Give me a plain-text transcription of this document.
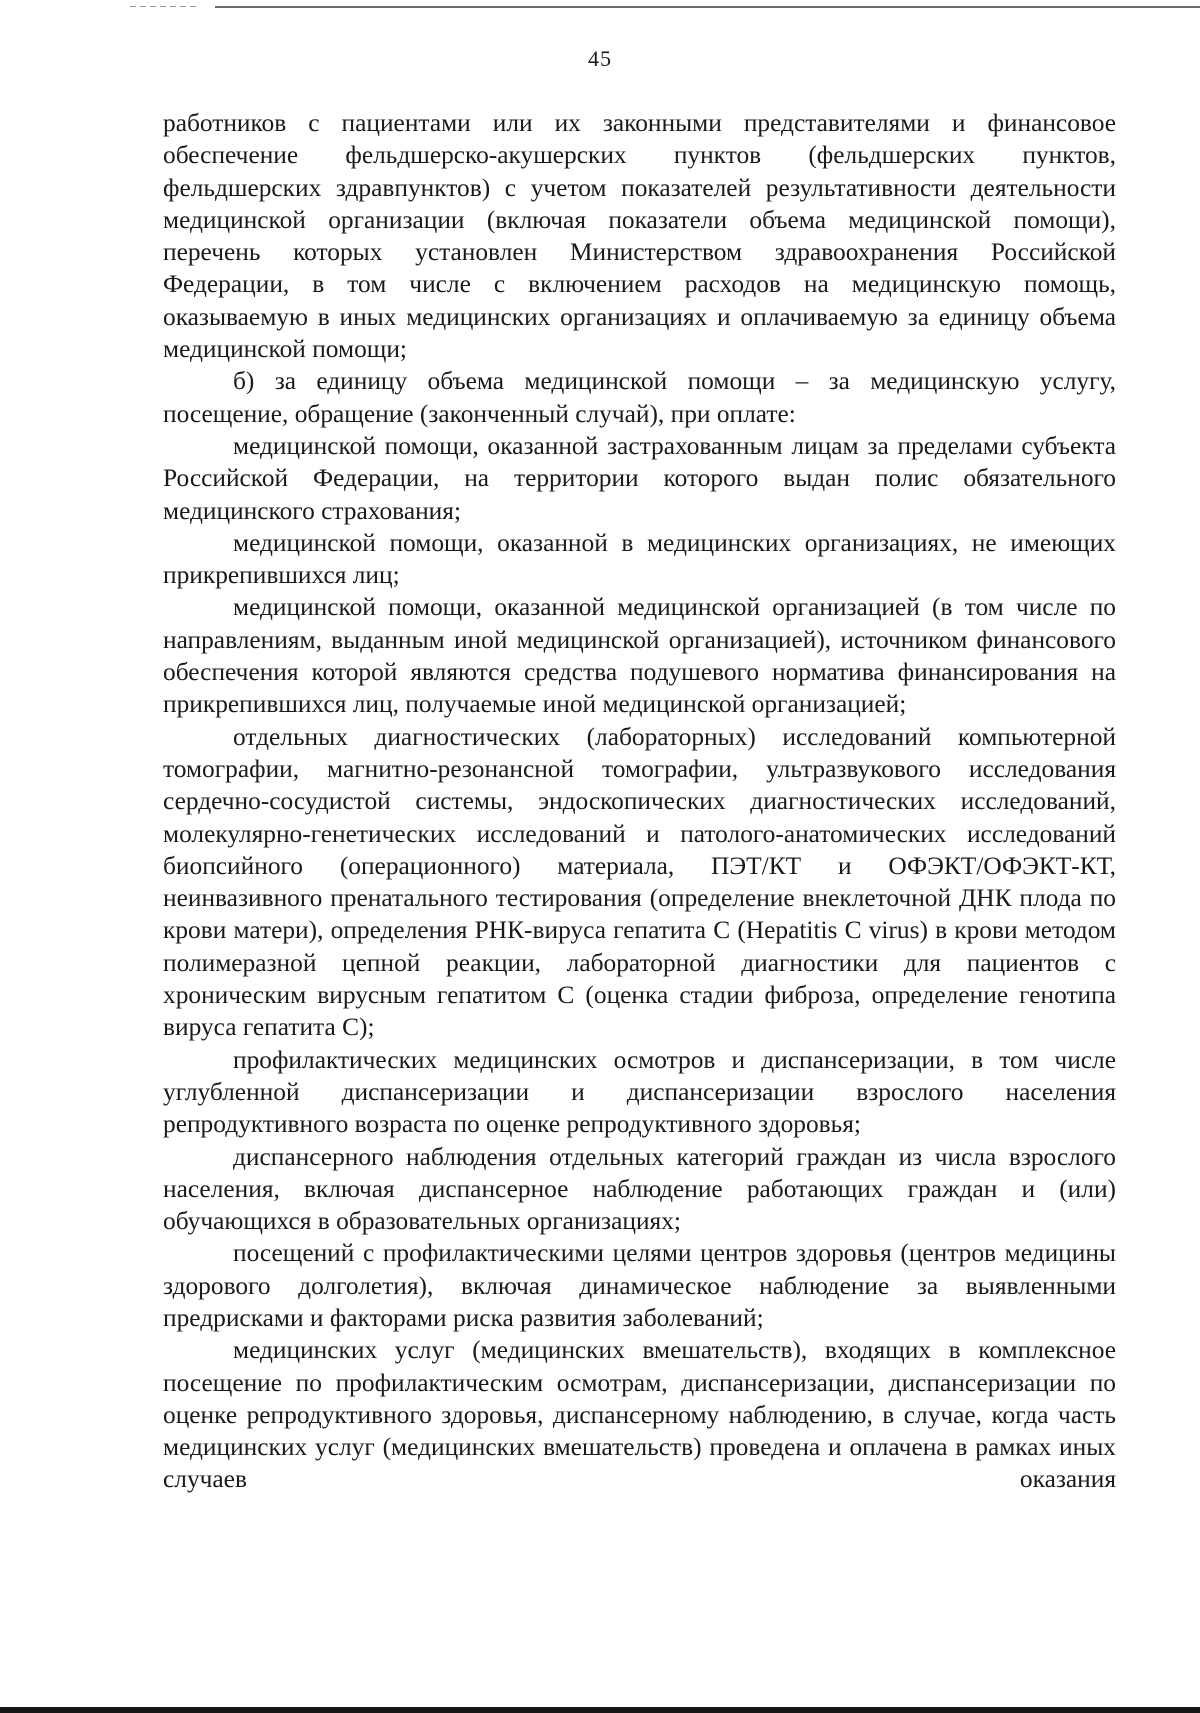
45

работников с пациентами или их законными представителями и финансовое обеспечение фельдшерско-акушерских пунктов (фельдшерских пунктов, фельдшерских здравпунктов) с учетом показателей результативности деятельности медицинской организации (включая показатели объема медицинской помощи), перечень которых установлен Министерством здравоохранения Российской Федерации, в том числе с включением расходов на медицинскую помощь, оказываемую в иных медицинских организациях и оплачиваемую за единицу объема медицинской помощи;

б) за единицу объема медицинской помощи – за медицинскую услугу, посещение, обращение (законченный случай), при оплате:

медицинской помощи, оказанной застрахованным лицам за пределами субъекта Российской Федерации, на территории которого выдан полис обязательного медицинского страхования;

медицинской помощи, оказанной в медицинских организациях, не имеющих прикрепившихся лиц;

медицинской помощи, оказанной медицинской организацией (в том числе по направлениям, выданным иной медицинской организацией), источником финансового обеспечения которой являются средства подушевого норматива финансирования на прикрепившихся лиц, получаемые иной медицинской организацией;

отдельных диагностических (лабораторных) исследований компьютерной томографии, магнитно-резонансной томографии, ультразвукового исследования сердечно-сосудистой системы, эндоскопических диагностических исследований, молекулярно-генетических исследований и патолого-анатомических исследований биопсийного (операционного) материала, ПЭТ/КТ и ОФЭКТ/ОФЭКТ-КТ, неинвазивного пренатального тестирования (определение внеклеточной ДНК плода по крови матери), определения РНК-вируса гепатита С (Hepatitis C virus) в крови методом полимеразной цепной реакции, лабораторной диагностики для пациентов с хроническим вирусным гепатитом С (оценка стадии фиброза, определение генотипа вируса гепатита С);

профилактических медицинских осмотров и диспансеризации, в том числе углубленной диспансеризации и диспансеризации взрослого населения репродуктивного возраста по оценке репродуктивного здоровья;

диспансерного наблюдения отдельных категорий граждан из числа взрослого населения, включая диспансерное наблюдение работающих граждан и (или) обучающихся в образовательных организациях;

посещений с профилактическими целями центров здоровья (центров медицины здорового долголетия), включая динамическое наблюдение за выявленными предрисками и факторами риска развития заболеваний;

медицинских услуг (медицинских вмешательств), входящих в комплексное посещение по профилактическим осмотрам, диспансеризации, диспансеризации по оценке репродуктивного здоровья, диспансерному наблюдению, в случае, когда часть медицинских услуг (медицинских вмешательств) проведена и оплачена в рамках иных случаев оказания
